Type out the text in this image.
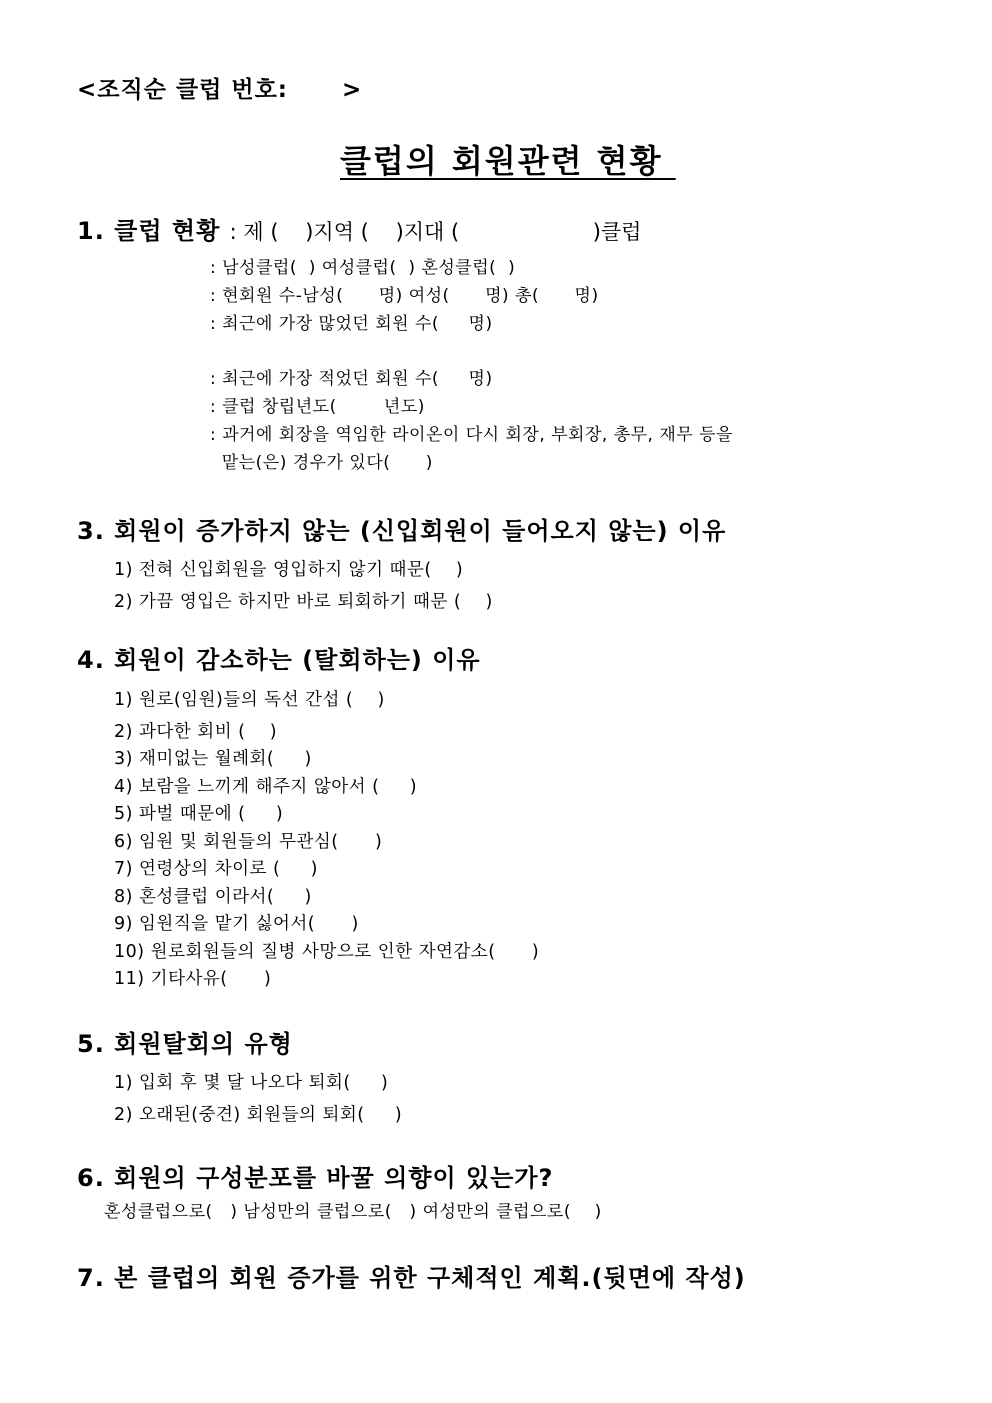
<조직순 클럽 번호:      >
클럽의 회원관련 현황
1. 클럽 현황 : 제 (    )지역 (    )지대 (                    )클럽
: 남성클럽(  ) 여성클럽(  ) 혼성클럽(  )
: 현회원 수-남성(      명) 여성(      명) 총(      명)
: 최근에 가장 많었던 회원 수(     명)
: 최근에 가장 적었던 회원 수(     명)
: 클럽 창립년도(        년도)
: 과거에 회장을 역임한 라이온이 다시 회장, 부회장, 총무, 재무 등을
맡는(은) 경우가 있다(      )
3. 회원이 증가하지 않는 (신입회원이 들어오지 않는) 이유
1) 전혀 신입회원을 영입하지 않기 때문(    )
2) 가끔 영입은 하지만 바로 퇴회하기 때문 (    )
4. 회원이 감소하는 (탈회하는) 이유
1) 원로(임원)들의 독선 간섭 (    )
2) 과다한 회비 (    )
3) 재미없는 월례회(     )
4) 보람을 느끼게 해주지 않아서 (     )
5) 파벌 때문에 (     )
6) 임원 및 회원들의 무관심(      )
7) 연령상의 차이로 (     )
8) 혼성클럽 이라서(     )
9) 임원직을 맡기 싫어서(      )
10) 원로회원들의 질병 사망으로 인한 자연감소(      )
11) 기타사유(      )
5. 회원탈회의 유형
1) 입회 후 몇 달 나오다 퇴회(     )
2) 오래된(중견) 회원들의 퇴회(     )
6. 회원의 구성분포를 바꿀 의향이 있는가?
혼성클럽으로(   ) 남성만의 클럽으로(   ) 여성만의 클럽으로(    )
7. 본 클럽의 회원 증가를 위한 구체적인 계획.(뒷면에 작성)
